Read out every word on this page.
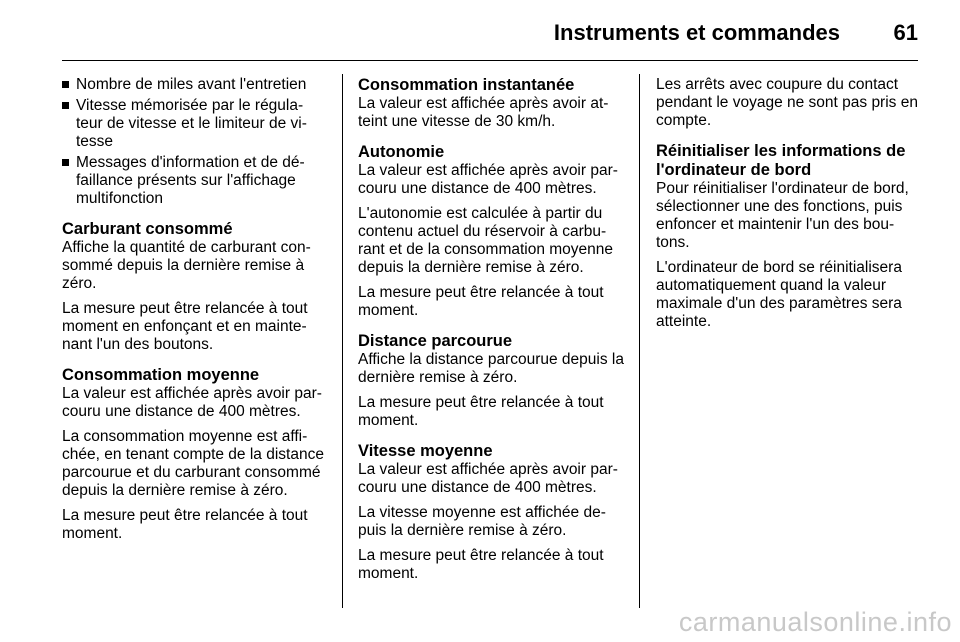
Instruments et commandes 61
Nombre de miles avant l'entretien
Vitesse mémorisée par le régula-teur de vitesse et le limiteur de vi-tesse
Messages d'information et de dé-faillance présents sur l'affichage multifonction
Carburant consommé

Affiche la quantité de carburant con-sommé depuis la dernière remise à zéro.

La mesure peut être relancée à tout moment en enfonçant et en mainte-nant l'un des boutons.

Consommation moyenne

La valeur est affichée après avoir par-couru une distance de 400 mètres.

La consommation moyenne est affi-chée, en tenant compte de la distance parcourue et du carburant consommé depuis la dernière remise à zéro.

La mesure peut être relancée à tout moment.

Consommation instantanée

La valeur est affichée après avoir at-teint une vitesse de 30 km/h.

Autonomie

La valeur est affichée après avoir par-couru une distance de 400 mètres.

L'autonomie est calculée à partir du contenu actuel du réservoir à carbu-rant et de la consommation moyenne depuis la dernière remise à zéro.

La mesure peut être relancée à tout moment.

Distance parcourue

Affiche la distance parcourue depuis la dernière remise à zéro.

La mesure peut être relancée à tout moment.

Vitesse moyenne

La valeur est affichée après avoir par-couru une distance de 400 mètres.

La vitesse moyenne est affichée de-puis la dernière remise à zéro.

La mesure peut être relancée à tout moment.

Les arrêts avec coupure du contact pendant le voyage ne sont pas pris en compte.

Réinitialiser les informations de l'ordinateur de bord

Pour réinitialiser l'ordinateur de bord, sélectionner une des fonctions, puis enfoncer et maintenir l'un des bou-tons.

L'ordinateur de bord se réinitialisera automatiquement quand la valeur maximale d'un des paramètres sera atteinte.

carmanualsonline.info
